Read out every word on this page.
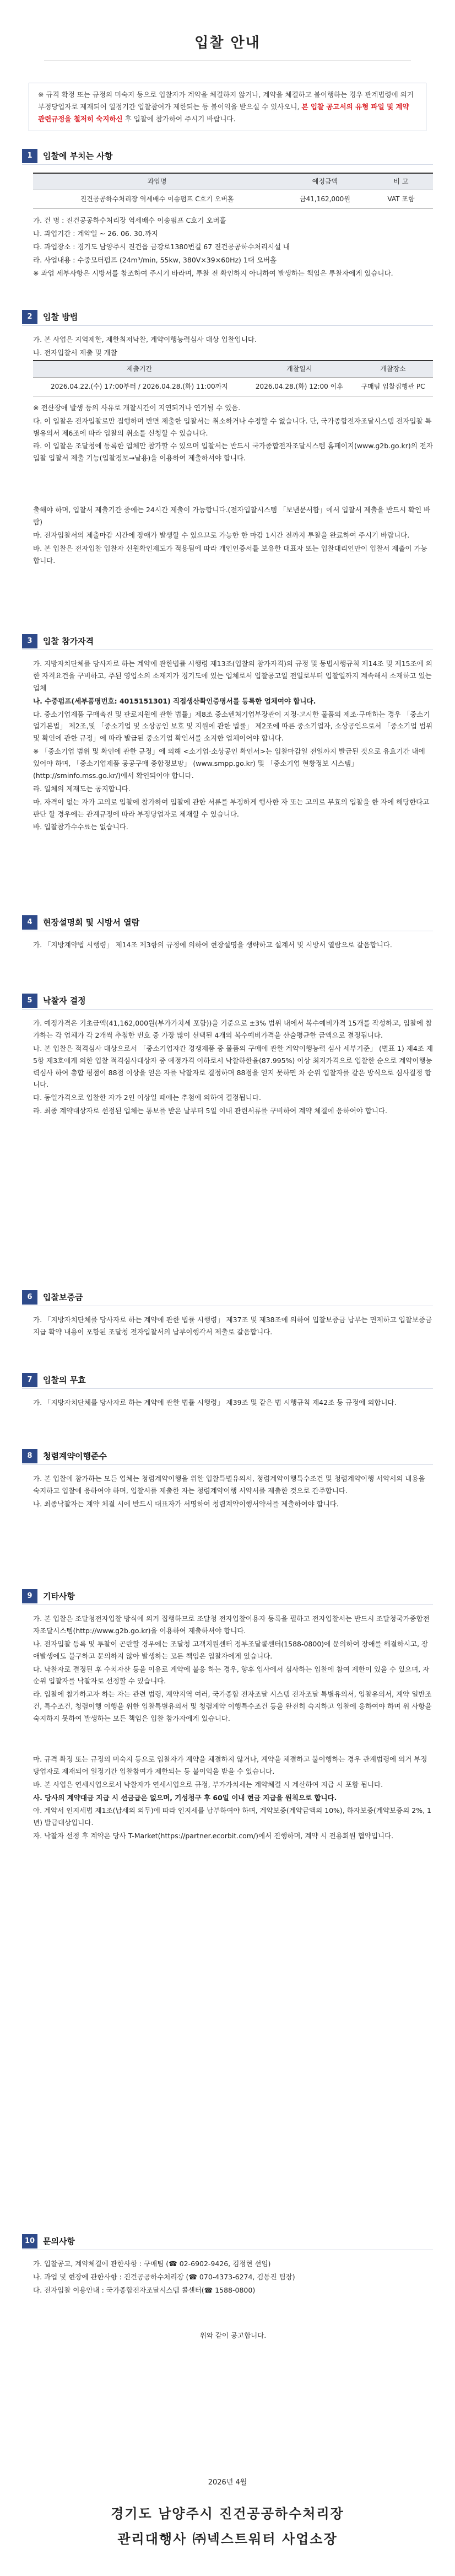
입찰 안내
※ 규격 확정 또는 규정의 미숙지 등으로 입찰자가 계약을 체결하지 않거나, 계약을 체결하고 불이행하는 경우 관계법령에 의거 부정당업자로 제재되어 일정기간 입찰참여가 제한되는 등 불이익을 받으실 수 있사오니, 본 입찰 공고서의 유형 파일 및 계약 관련규정을 철저히 숙지하신 후 입찰에 참가하여 주시기 바랍니다.
1	입찰에 부치는 사항
과업명	예정금액	비 고
진건공공하수처리장 역세배수 이송펌프 C호기 오버홀	금41,162,000원	VAT 포함

가. 건 명 : 진건공공하수처리장 역세배수 이송펌프 C호기 오버홀

나. 과업기간 : 계약일 ~ 26. 06. 30.까지

다. 과업장소 : 경기도 남양주시 진건읍 금강로1380번길 67 진건공공하수처리시설 내

라. 사업내용 : 수중모터펌프 (24m³/min, 55kw, 380V×39×60Hz) 1대 오버홀

※ 과업 세부사항은 시방서를 참조하여 주시기 바라며, 투찰 전 확인하지 아니하여 발생하는 책임은 투찰자에게 있습니다.

2	입찰 방법

가. 본 사업은 지역제한, 제한최저낙찰, 계약이행능력심사 대상 입찰입니다.

나. 전자입찰서 제출 및 개찰

제출기간	개찰일시	개찰장소
2026.04.22.(수) 17:00부터 / 2026.04.28.(화) 11:00까지	2026.04.28.(화) 12:00 이후	구매팀 입찰집행관 PC

※ 전산장애 발생 등의 사유로 개찰시간이 지연되거나 연기될 수 있음.

다. 이 입찰은 전자입찰로만 집행하며 반면 제출한 입찰서는 취소하거나 수정할 수 없습니다. 단, 국가종합전자조달시스템 전자입찰 특별유의서 제6조에 따라 입찰의 취소를 신청할 수 있습니다.

라. 이 입찰은 조달청에 등록한 업체만 참가할 수 있으며 입찰서는 반드시 국가종합전자조달시스템 홈페이지(www.g2b.go.kr)의 전자입찰 입찰서 제출 기능(입찰정보→낱용)을 이용하여 제출하셔야 합니다.

출해야 하며, 입찰서 제출기간 중에는 24시간 제출이 가능합니다.(전자입찰시스템 「보낸문서함」에서 입찰서 제출을 반드시 확인 바람)

마. 전자입찰서의 제출마감 시간에 장애가 발생할 수 있으므로 가능한 한 마감 1시간 전까지 투찰을 완료하여 주시기 바랍니다.

바. 본 입찰은 전자입찰 입찰자 신원확인제도가 적용됨에 따라 개인인증서를 보유한 대표자 또는 입찰대리인만이 입찰서 제출이 가능합니다.

3	입찰 참가자격

가. 지방자치단체를 당사자로 하는 계약에 관한법률 시행령 제13조(입찰의 참가자격)의 규정 및 동법시행규칙 제14조 및 제15조에 의한 자격요건을 구비하고, 주된 영업소의 소재지가 경기도에 있는 업체로서 입찰공고일 전일로부터 입찰일까지 계속해서 소재하고 있는 업체

나. 수중펌프(세부품명번호: 4015151301) 직접생산확인증명서를 등록한 업체여야 합니다.

다. 중소기업제품 구매촉진 및 판로지원에 관한 법률」제8조 중소벤처기업부장관이 지정·고시한 물품의 제조·구매하는 경우 「중소기업기본법」 제2조,및 「중소기업 및 소상공인 보호 및 지원에 관한 법률」 제2조에 따른 중소기업자, 소상공인으로서 「중소기업 범위 및 확인에 관한 규정」에 따라 발급된 중소기업 확인서를 소지한 업체이어야 합니다.

※ 「중소기업 범위 및 확인에 관한 규정」에 의해 <소기업·소상공인 확인서>는 입찰마감일 전일까지 발급된 것으로 유효기간 내에 있어야 하며, 「중소기업제품 공공구매 종합정보망」 (www.smpp.go.kr) 및 「중소기업 현황정보 시스템」(http://sminfo.mss.go.kr/)에서 확인되어야 합니다.

라. 일체의 제재도는 공지합니다.

마. 자격이 없는 자가 고의로 입찰에 참가하여 입찰에 관한 서류를 부정하게 행사한 자 또는 고의로 무효의 입찰을 한 자에 해당한다고 판단 할 경우에는 관계규정에 따라 부정당업자로 제재할 수 있습니다.

바. 입찰참가수수료는 없습니다.

4	현장설명회 및 시방서 열람

가. 「지방계약법 시행령」 제14조 제3항의 규정에 의하여 현장설명을 생략하고 설계서 및 시방서 열람으로 갈음합니다.

5	낙찰자 결정

가. 예정가격은 기초금액(41,162,000원(부가가치세 포함))을 기준으로 ±3% 범위 내에서 복수예비가격 15개를 작성하고, 입찰에 참가하는 각 업체가 각 2개씩 추첨한 번호 중 가장 많이 선택된 4개의 복수예비가격을 산술평균한 금액으로 결정됩니다.

나. 본 입찰은 적격심사 대상으로서 「중소기업자간 경쟁제품 중 물품의 구매에 관한 계약이행능력 심사 세부기준」 (별표 1) 제4조 제5항 제3호에게 의한 입찰 적격심사대상자 중 예정가격 이하로서 낙찰하한율(87.995%) 이상 최저가격으로 입찰한 순으로 계약이행능력심사 하여 총합 평점이 88점 이상을 얻은 자를 낙찰자로 결정하며 88점을 얻지 못하면 차 순위 입찰자를 같은 방식으로 심사결정 합니다.

다. 동일가격으로 입찰한 자가 2인 이상일 때에는 추첨에 의하여 결정됩니다.

라. 최종 계약대상자로 선정된 업체는 통보를 받은 날부터 5일 이내 관련서류를 구비하여 계약 체결에 응하여야 합니다.

6	입찰보증금

가. 「지방자치단체를 당사자로 하는 계약에 관한 법률 시행령」 제37조 및 제38조에 의하여 입찰보증금 납부는 면제하고 입찰보증금 지급 확약 내용이 포함된 조달청 전자입찰서의 납부이행각서 제출로 갈음합니다.

7	입찰의 무효

가. 「지방자치단체를 당사자로 하는 계약에 관한 법률 시행령」 제39조 및 같은 법 시행규칙 제42조 등 규정에 의합니다.

8	청렴계약이행준수

가. 본 입찰에 참가하는 모든 업체는 청렴계약이행을 위한 입찰특별유의서, 청렴계약이행특수조건 및 청렴계약이행 서약서의 내용을 숙지하고 입찰에 응하여야 하며, 입찰서를 제출한 자는 청렴계약이행 서약서를 제출한 것으로 간주합니다.

나. 최종낙찰자는 계약 체결 시에 반드시 대표자가 서명하여 청렴계약이행서약서를 제출하여야 합니다.

9	기타사항

가. 본 입찰은 조달청전자입찰 방식에 의거 집행하므로 조달청 전자입찰이용자 등록을 필하고 전자입찰서는 반드시 조달청국가종합전자조달시스템(http://www.g2b.go.kr)을 이용하여 제출하셔야 합니다.

나. 전자입찰 등록 및 투찰이 곤란할 경우에는 조달청 고객지원센터 정부조달콜센터(1588-0800)에 문의하여 장애를 해결하시고, 장애발생에도 불구하고 문의하지 않아 발생하는 모든 책임은 입찰자에게 있습니다.

다. 낙찰자로 결정된 후 수치자산 등을 이유로 계약에 불응 하는 경우, 향후 입사에서 심사하는 입찰에 참여 제한이 있을 수 있으며, 자순위 입찰자를 낙찰자로 선정할 수 있습니다.

라. 입찰에 참가하고자 하는 자는 관련 법령, 계약지역 여러, 국가종합 전자조달 시스템 전자조달 특별유의서, 입찰유의서, 계약 일반조건, 특수조건, 청렴이행 이행을 위한 입찰특별유의서 및 청렴계약 이행특수조건 등을 완전히 숙지하고 입찰에 응하여야 하며 위 사항을 숙지하지 못하여 발생하는 모든 책임은 입찰 참가자에게 있습니다.

마. 규격 확정 또는 규정의 미숙지 등으로 입찰자가 계약을 체결하지 않거나, 계약을 체결하고 불이행하는 경우 관계법령에 의거 부정당업자로 제재되어 일정기간 입찰참여가 제한되는 등 불이익을 받을 수 있습니다.

바. 본 사업은 연세시업으로서 낙찰자가 연세시업으로 규정, 부가가치세는 계약체결 시 계산하여 지급 시 포함 됩니다.

사. 당사의 계약대금 지급 시 선금급은 없으며, 기성청구 후 60일 이내 현금 지급을 원칙으로 합니다.

아. 계약서 인지세법 제1조(납세의 의무)에 따라 인지세를 납부하여야 하며, 계약보증(계약금액의 10%), 하자보증(계약보증의 2%, 1년) 발급대상입니다.

자. 낙찰자 선정 후 계약은 당사 T-Market(https://partner.ecorbit.com/)에서 진행하며, 계약 시 전용회원 협약입니다.

10 문의사항

가. 입찰공고, 계약체결에 관한사항 : 구매팀 (☎ 02-6902-9426, 김정현 선임)

나. 과업 및 현장에 관한사항 : 진건공공하수처리장 (☎ 070-4373-6274, 김동진 팀장)

다. 전자입찰 이용안내 : 국가종합전자조달시스템 콜센터(☎ 1588-0800)

위와 같이 공고합니다.

2026년 4월
경기도 남양주시 진건공공하수처리장
관리대행사 ㈜넥스트워터 사업소장
